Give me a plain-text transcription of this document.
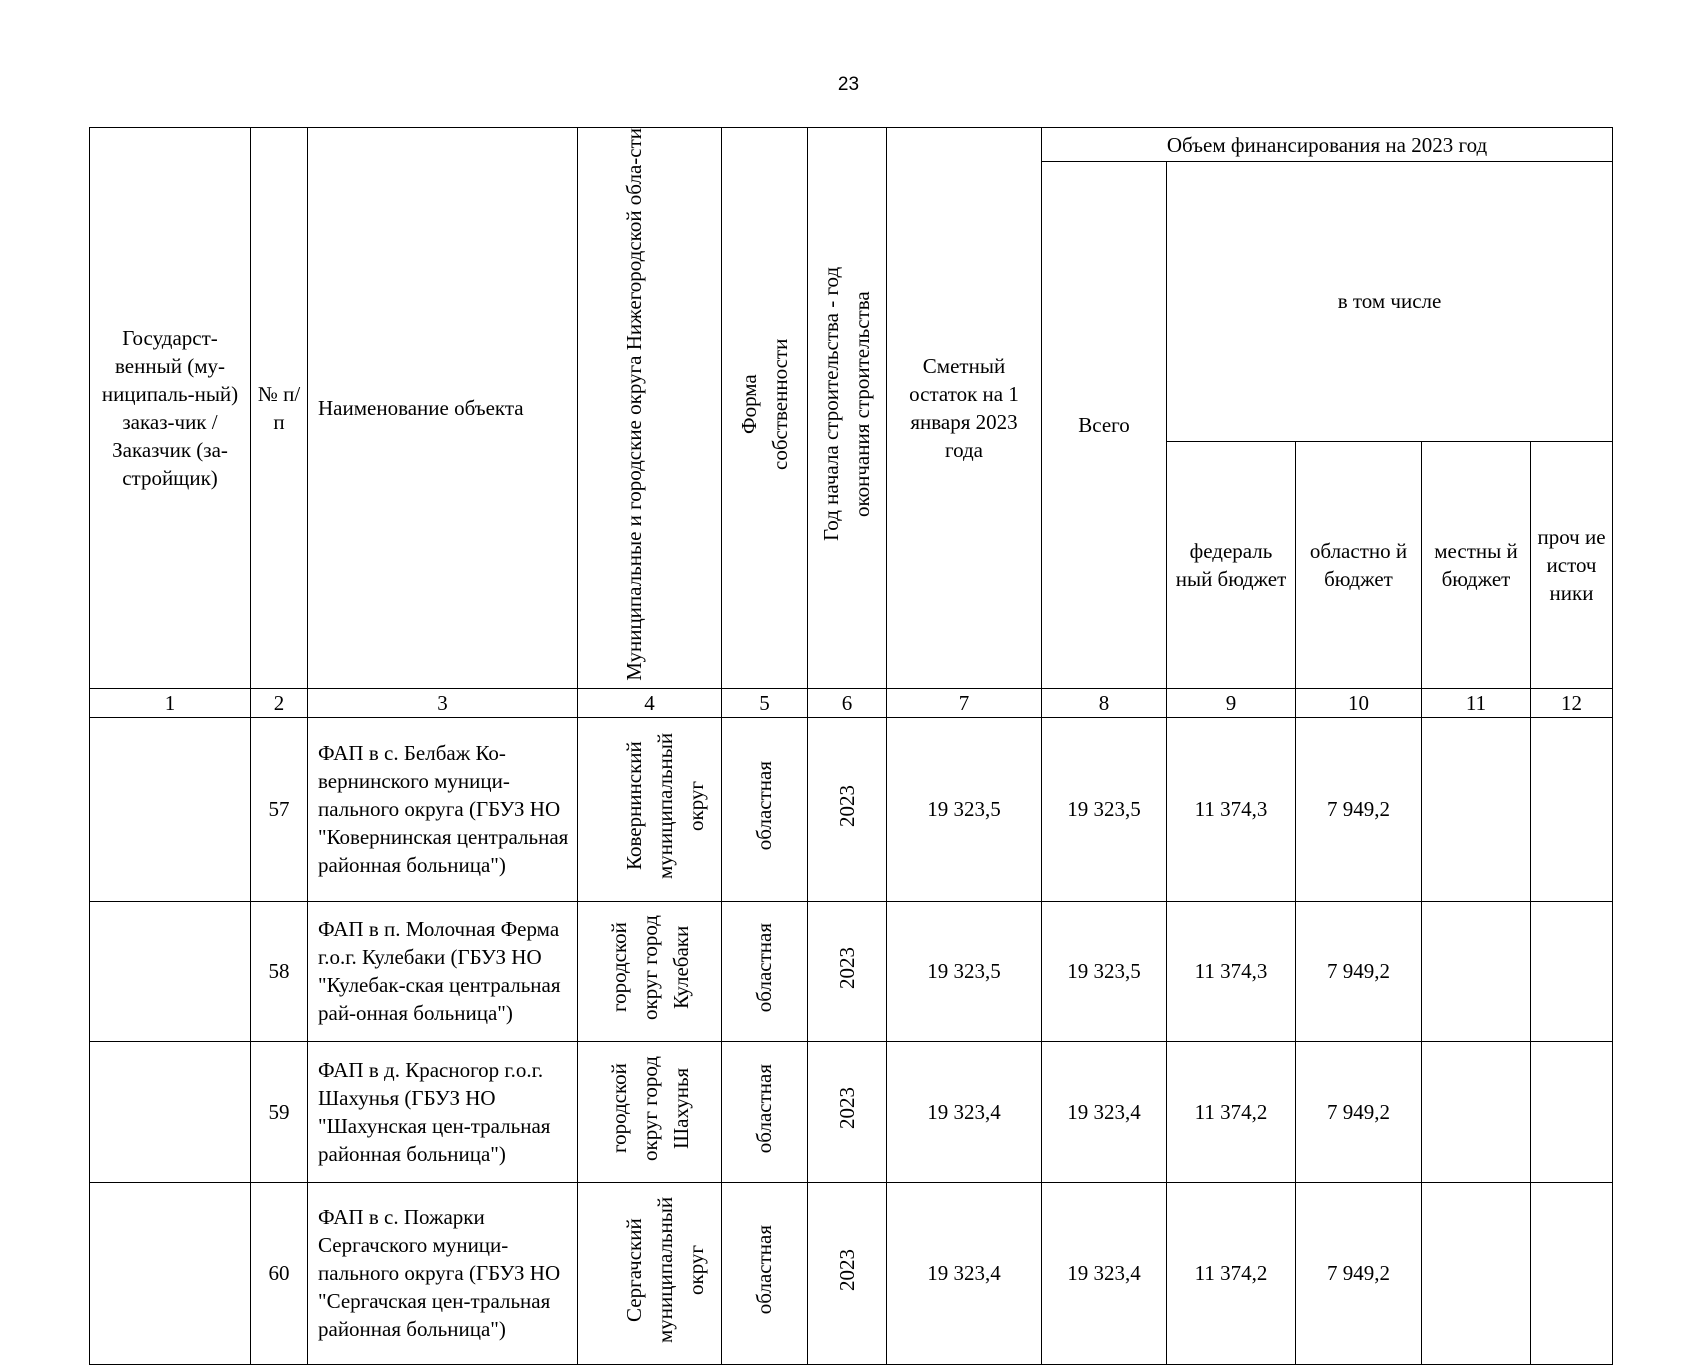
23
Государст-венный (му-ниципаль-ный) заказ-чик / Заказчик (за-стройщик)	№ п/п	Наименование объекта	Муниципальные и городские округа Нижегородской обла-сти	Форма собственности	Год начала строительства - год окончания строительства	Сметный остаток на 1 января 2023 года	Объем финансирования на 2023 год				
							Всего	в том числе			
								федераль ный бюджет	областно й бюджет	местны й бюджет	проч ие источ ники
1	2	3	4	5	6	7	8	9	10	11	12
	57	ФАП в с. Белбаж Ко-вернинского муници-пального округа (ГБУЗ НО "Ковернинская центральная районная больница")	Ковернинский муниципальный округ	областная	2023	19 323,5	19 323,5	11 374,3	7 949,2		
	58	ФАП в п. Молочная Ферма г.о.г. Кулебаки (ГБУЗ НО "Кулебак-ская центральная рай-онная больница")	городской округ город Кулебаки	областная	2023	19 323,5	19 323,5	11 374,3	7 949,2		
	59	ФАП в д. Красногор г.о.г. Шахунья (ГБУЗ НО "Шахунская цен-тральная районная больница")	городской округ город Шахунья	областная	2023	19 323,4	19 323,4	11 374,2	7 949,2		
	60	ФАП в с. Пожарки Сергачского муници-пального округа (ГБУЗ НО "Сергачская цен-тральная районная больница")	Сергачский муниципальный округ	областная	2023	19 323,4	19 323,4	11 374,2	7 949,2		
